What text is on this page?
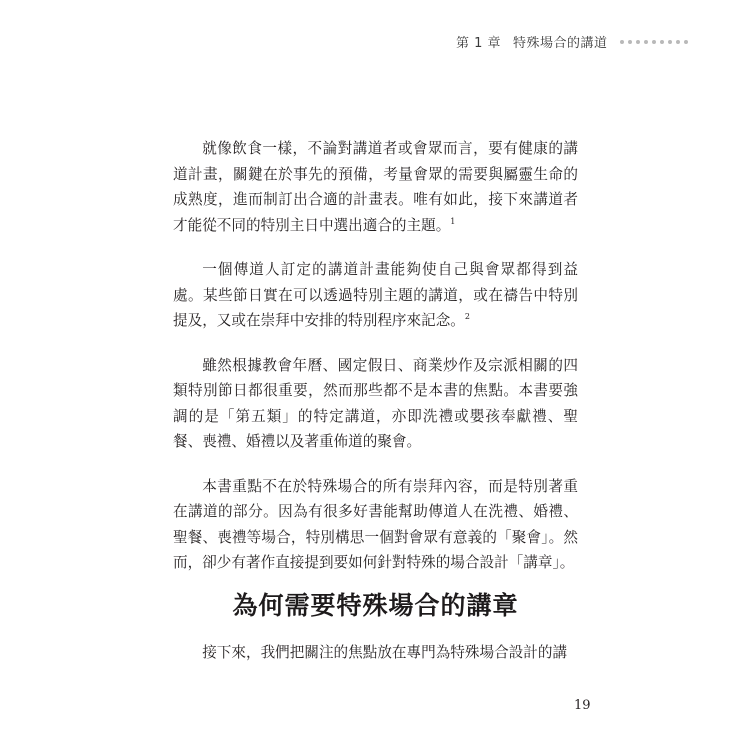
第 1 章 特殊場合的講道

就像飲食一樣，不論對講道者或會眾而言，要有健康的講道計畫，關鍵在於事先的預備，考量會眾的需要與屬靈生命的成熟度，進而制訂出合適的計畫表。唯有如此，接下來講道者才能從不同的特別主日中選出適合的主題。$^1$

一個傳道人訂定的講道計畫能夠使自己與會眾都得到益處。某些節日實在可以透過特別主題的講道，或在禱告中特別提及，又或在崇拜中安排的特別程序來記念。$^2$

雖然根據教會年曆、國定假日、商業炒作及宗派相關的四類特別節日都很重要，然而那些都不是本書的焦點。本書要強調的是「第五類」的特定講道，亦即洗禮或嬰孩奉獻禮、聖餐、喪禮、婚禮以及著重佈道的聚會。

本書重點不在於特殊場合的所有崇拜內容，而是特別著重在講道的部分。因為有很多好書能幫助傳道人在洗禮、婚禮、聖餐、喪禮等場合，特別構思一個對會眾有意義的「聚會」。然而，卻少有著作直接提到要如何針對特殊的場合設計「講章」。

為何需要特殊場合的講章

接下來，我們把關注的焦點放在專門為特殊場合設計的講

19
